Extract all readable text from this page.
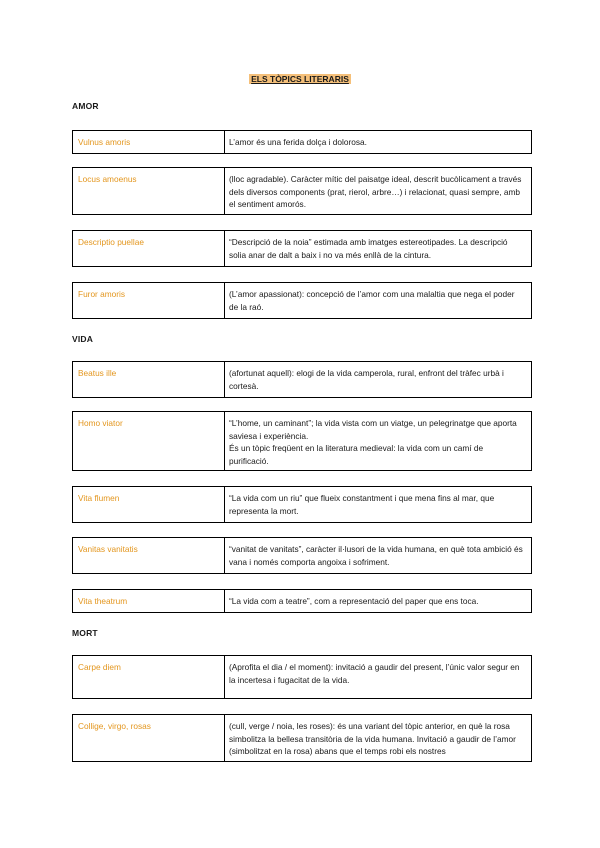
ELS TÒPICS LITERARIS
AMOR
Vulnus amoris	L’amor és una ferida dolça i dolorosa.
Locus amoenus	(lloc agradable). Caràcter mític del paisatge ideal, descrit bucòlicament a través dels diversos components (prat, rierol, arbre…) i relacionat, quasi sempre, amb el sentiment amorós.
Descriptio puellae	“Descripció de la noia” estimada amb imatges estereotipades. La descripció solia anar de dalt a baix i no va més enllà de la cintura.
Furor amoris	(L’amor apassionat): concepció de l’amor com una malaltia que nega el poder de la raó.
VIDA
Beatus ille	(afortunat aquell): elogi de la vida camperola, rural, enfront del tràfec urbà i cortesà.
Homo viator	“L’home, un caminant”; la vida vista com un viatge, un pelegrinatge que aporta saviesa i experiència.
És un tòpic freqüent en la literatura medieval: la vida com un camí de purificació.
Vita flumen	“La vida com un riu” que flueix constantment i que mena fins al mar, que representa la mort.
Vanitas vanitatis	“vanitat de vanitats”, caràcter il·lusori de la vida humana, en què tota ambició és vana i només comporta angoixa i sofriment.
Vita theatrum	“La vida com a teatre”, com a representació del paper que ens toca.
MORT
Carpe diem	(Aprofita el dia / el moment): invitació a gaudir del present, l’únic valor segur en la incertesa i fugacitat de la vida.
Collige, virgo, rosas	(cull, verge / noia, les roses): és una variant del tòpic anterior, en què la rosa simbolitza la bellesa transitòria de la vida humana. Invitació a gaudir de l’amor (simbolitzat en la rosa) abans que el temps robi els nostres
